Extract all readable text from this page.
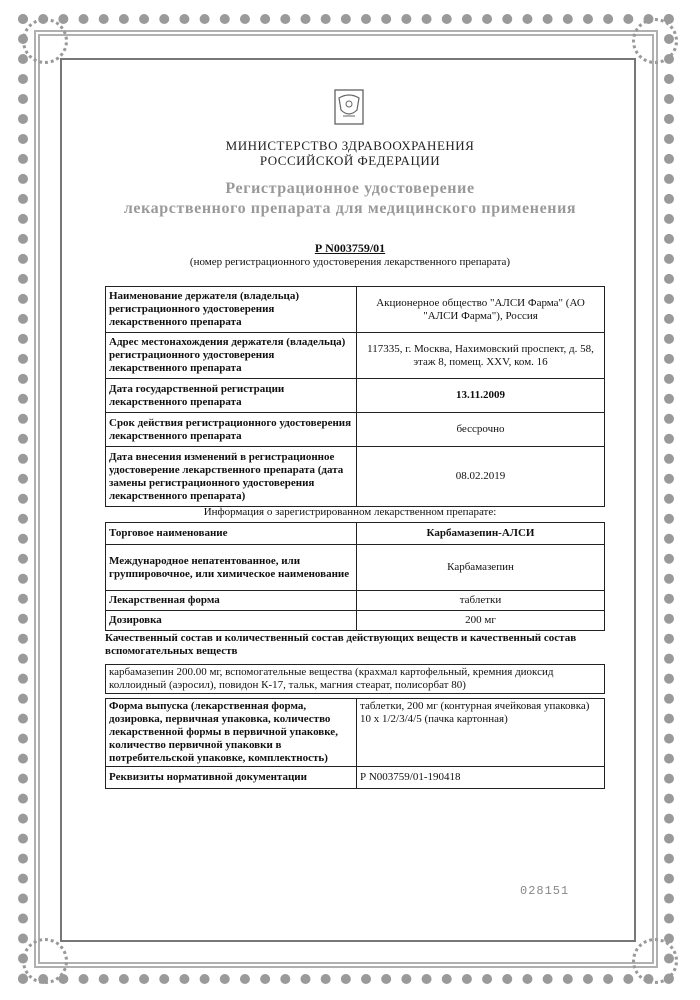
МИНИСТЕРСТВО ЗДРАВООХРАНЕНИЯ
РОССИЙСКОЙ ФЕДЕРАЦИИ
Регистрационное удостоверение
лекарственного препарата для медицинского применения
Р N003759/01
(номер регистрационного удостоверения лекарственного препарата)
Наименование держателя (владельца) регистрационного удостоверения лекарственного препарата	Акционерное общество "АЛСИ Фарма" (АО "АЛСИ Фарма"), Россия
Адрес местонахождения держателя (владельца) регистрационного удостоверения лекарственного препарата	117335, г. Москва, Нахимовский проспект, д. 58, этаж 8, помещ. XXV, ком. 16
Дата государственной регистрации лекарственного препарата	13.11.2009
Срок действия регистрационного удостоверения лекарственного препарата	бессрочно
Дата внесения изменений в регистрационное удостоверение лекарственного препарата (дата замены регистрационного удостоверения лекарственного препарата)	08.02.2019
Информация о зарегистрированном лекарственном препарате:
Торговое наименование	Карбамазепин-АЛСИ
Международное непатентованное, или группировочное, или химическое наименование	Карбамазепин
Лекарственная форма	таблетки
Дозировка	200 мг
Качественный состав и количественный состав действующих веществ и качественный состав вспомогательных веществ
карбамазепин 200.00 мг, вспомогательные вещества (крахмал картофельный, кремния диоксид коллоидный (аэросил), повидон К-17, тальк, магния стеарат, полисорбат 80)
Форма выпуска (лекарственная форма, дозировка, первичная упаковка, количество лекарственной формы в первичной упаковке, количество первичной упаковки в потребительской упаковке, комплектность)	таблетки, 200 мг (контурная ячейковая упаковка) 10 x 1/2/3/4/5 (пачка картонная)
Реквизиты нормативной документации	Р N003759/01-190418
028151
